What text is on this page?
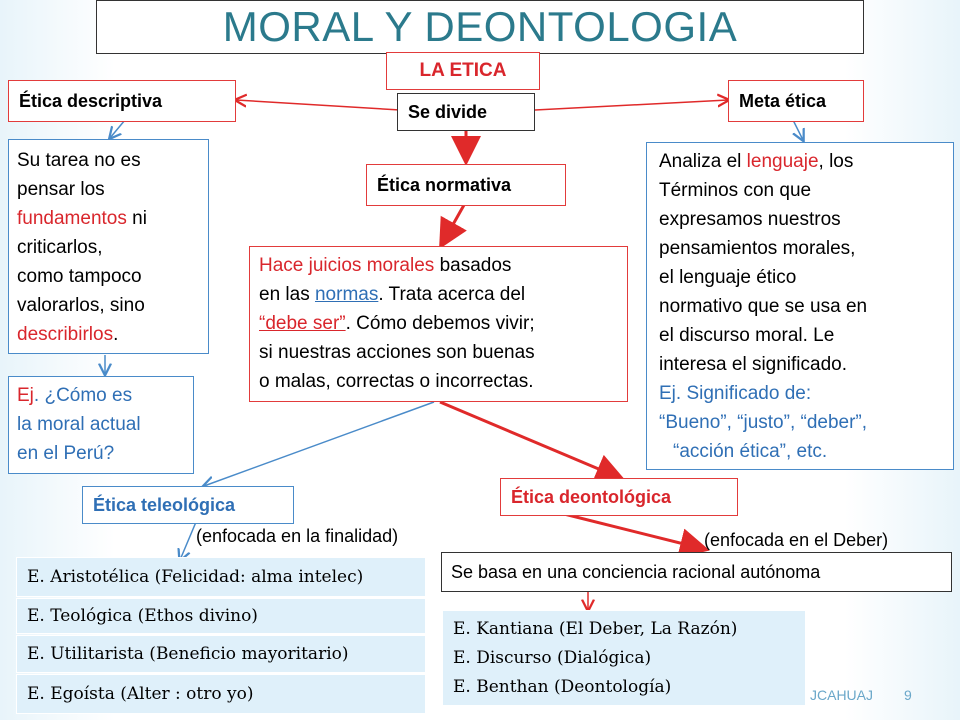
MORAL Y DEONTOLOGIA
LA ETICA
Se divide
Ética descriptiva	Meta ética
Ética normativa
Su tarea no es
pensar los
fundamentos ni
criticarlos,
como tampoco
valorarlos, sino
describirlos.
Ej. ¿Cómo es
la moral actual
en el Perú?
Analiza el lenguaje, los
Términos con que
expresamos nuestros
pensamientos morales,
el lenguaje ético
normativo que se usa en
el discurso moral. Le
interesa el significado.
Ej. Significado de:
“Bueno”, “justo”, “deber”,
“acción ética”, etc.
Hace juicios morales basados
en las normas. Trata acerca del
“debe ser”. Cómo debemos vivir;
si nuestras acciones son buenas
o malas, correctas o incorrectas.
Ética teleológica
(enfocada en la finalidad)
Ética deontológica
(enfocada en el Deber)
E. Aristotélica (Felicidad: alma intelec)
E. Teológica (Ethos divino)
E. Utilitarista (Beneficio mayoritario)
E. Egoísta (Alter : otro yo)
Se basa en una conciencia racional autónoma
E. Kantiana (El Deber, La Razón)
E. Discurso (Dialógica)
E. Benthan (Deontología)	JCAHUAJ 9
